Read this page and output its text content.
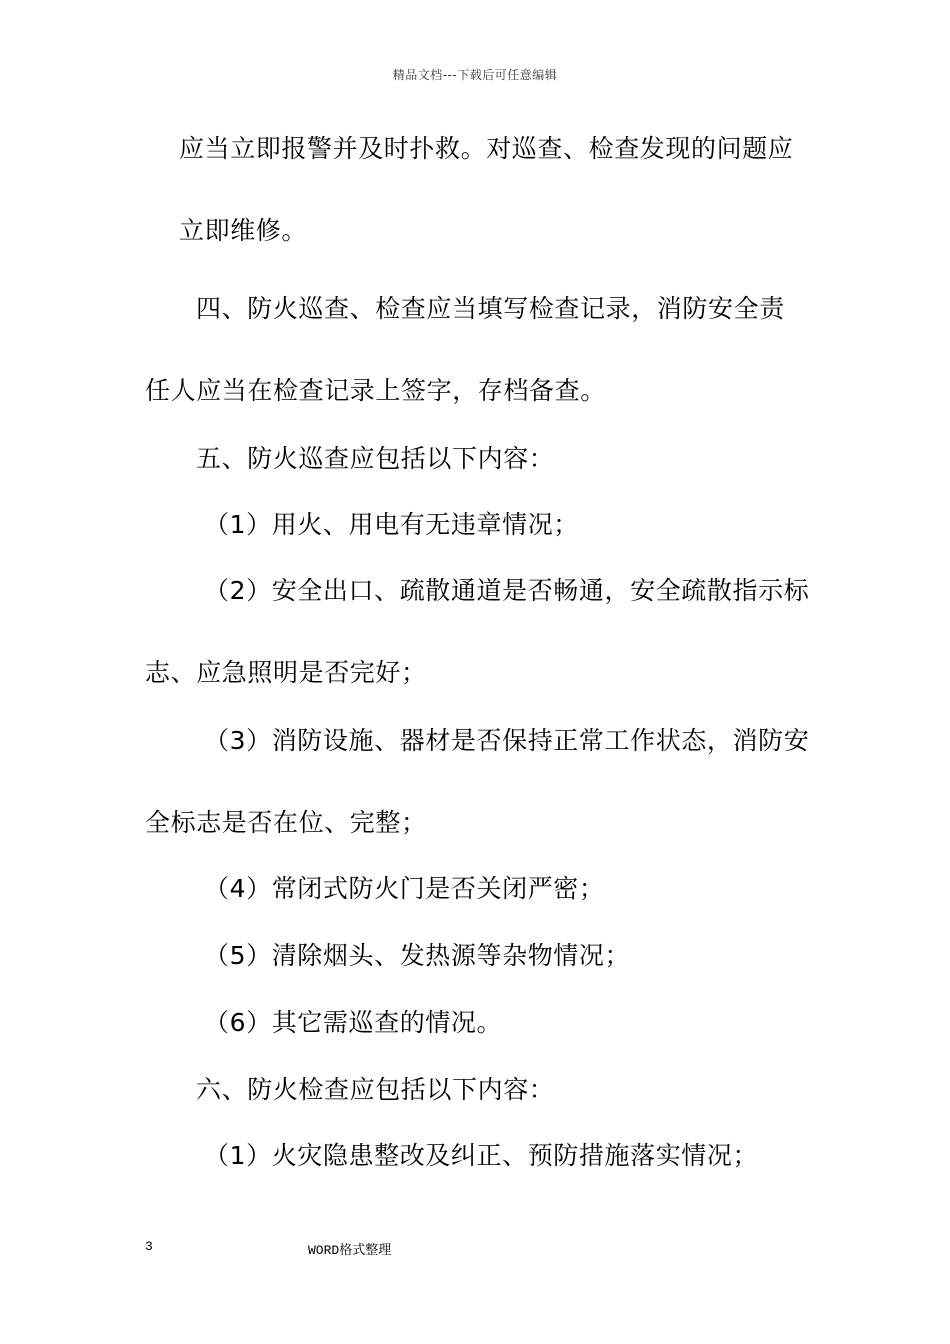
精品文档---下载后可任意编辑
应当立即报警并及时扑救。对巡查、检查发现的问题应
立即维修。
四、防火巡查、检查应当填写检查记录，消防安全责
任人应当在检查记录上签字，存档备查。
五、防火巡查应包括以下内容：
（1）用火、用电有无违章情况；
（2）安全出口、疏散通道是否畅通，安全疏散指示标
志、应急照明是否完好；
（3）消防设施、器材是否保持正常工作状态，消防安
全标志是否在位、完整；
（4）常闭式防火门是否关闭严密；
（5）清除烟头、发热源等杂物情况；
（6）其它需巡查的情况。
六、防火检查应包括以下内容：
（1）火灾隐患整改及纠正、预防措施落实情况；
3	WORD格式整理
